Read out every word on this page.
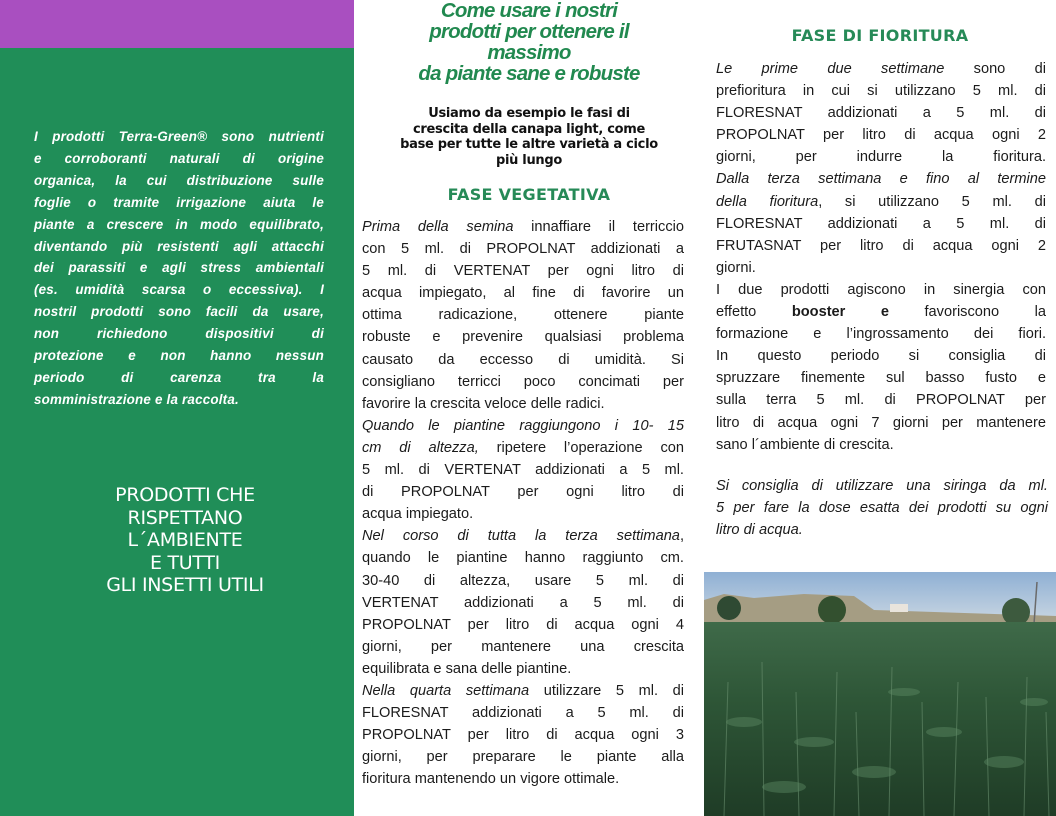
I prodotti Terra-Green® sono nutrienti
e corroboranti naturali di origine
organica, la cui distribuzione sulle
foglie o tramite irrigazione aiuta le
piante a crescere in modo equilibrato,
diventando più resistenti agli attacchi
dei parassiti e agli stress ambientali
(es. umidità scarsa o eccessiva). I
nostril prodotti sono facili da usare,
non richiedono dispositivi di
protezione e non hanno nessun
periodo di carenza tra la
somministrazione e la raccolta.
PRODOTTI CHE
RISPETTANO
L´AMBIENTE
E TUTTI
GLI INSETTI UTILI
Come usare i nostri
prodotti per ottenere il
massimo
da piante sane e robuste
Usiamo da esempio le fasi di
crescita della canapa light, come
base per tutte le altre varietà a ciclo
più lungo
FASE VEGETATIVA
Prima della semina innaffiare il terriccio
con 5 ml. di PROPOLNAT addizionati a
5 ml. di VERTENAT per ogni litro di
acqua impiegato, al fine di favorire un
ottima radicazione, ottenere piante
robuste e prevenire qualsiasi problema
causato da eccesso di umidità. Si
consigliano terricci poco concimati per
favorire la crescita veloce delle radici.
Quando le piantine raggiungono i 10- 15
cm di altezza, ripetere l’operazione con
5 ml. di VERTENAT addizionati a 5 ml.
di PROPOLNAT per ogni litro di
acqua impiegato.
Nel corso di tutta la terza settimana,
quando le piantine hanno raggiunto cm.
30-40 di altezza, usare 5 ml. di
VERTENAT addizionati a 5 ml. di
PROPOLNAT per litro di acqua ogni 4
giorni, per mantenere una crescita
equilibrata e sana delle piantine.
Nella quarta settimana utilizzare 5 ml. di
FLORESNAT addizionati a 5 ml. di
PROPOLNAT per litro di acqua ogni 3
giorni, per preparare le piante alla
fioritura mantenendo un vigore ottimale.
FASE DI FIORITURA
Le prime due settimane sono di
prefioritura in cui si utilizzano 5 ml. di
FLORESNAT addizionati a 5 ml. di
PROPOLNAT per litro di acqua ogni 2
giorni, per indurre la fioritura.
Dalla terza settimana e fino al termine
della fioritura, si utilizzano 5 ml. di
FLORESNAT addizionati a 5 ml. di
FRUTASNAT per litro di acqua ogni 2
giorni.
I due prodotti agiscono in sinergia con
effetto booster e favoriscono la
formazione e l’ingrossamento dei fiori.
In questo periodo si consiglia di
spruzzare finemente sul basso fusto e
sulla terra 5 ml. di PROPOLNAT per
litro di acqua ogni 7 giorni per mantenere
sano l´ambiente di crescita.
Si consiglia di utilizzare una siringa da ml.
5 per fare la dose esatta dei prodotti su ogni
litro di acqua.
